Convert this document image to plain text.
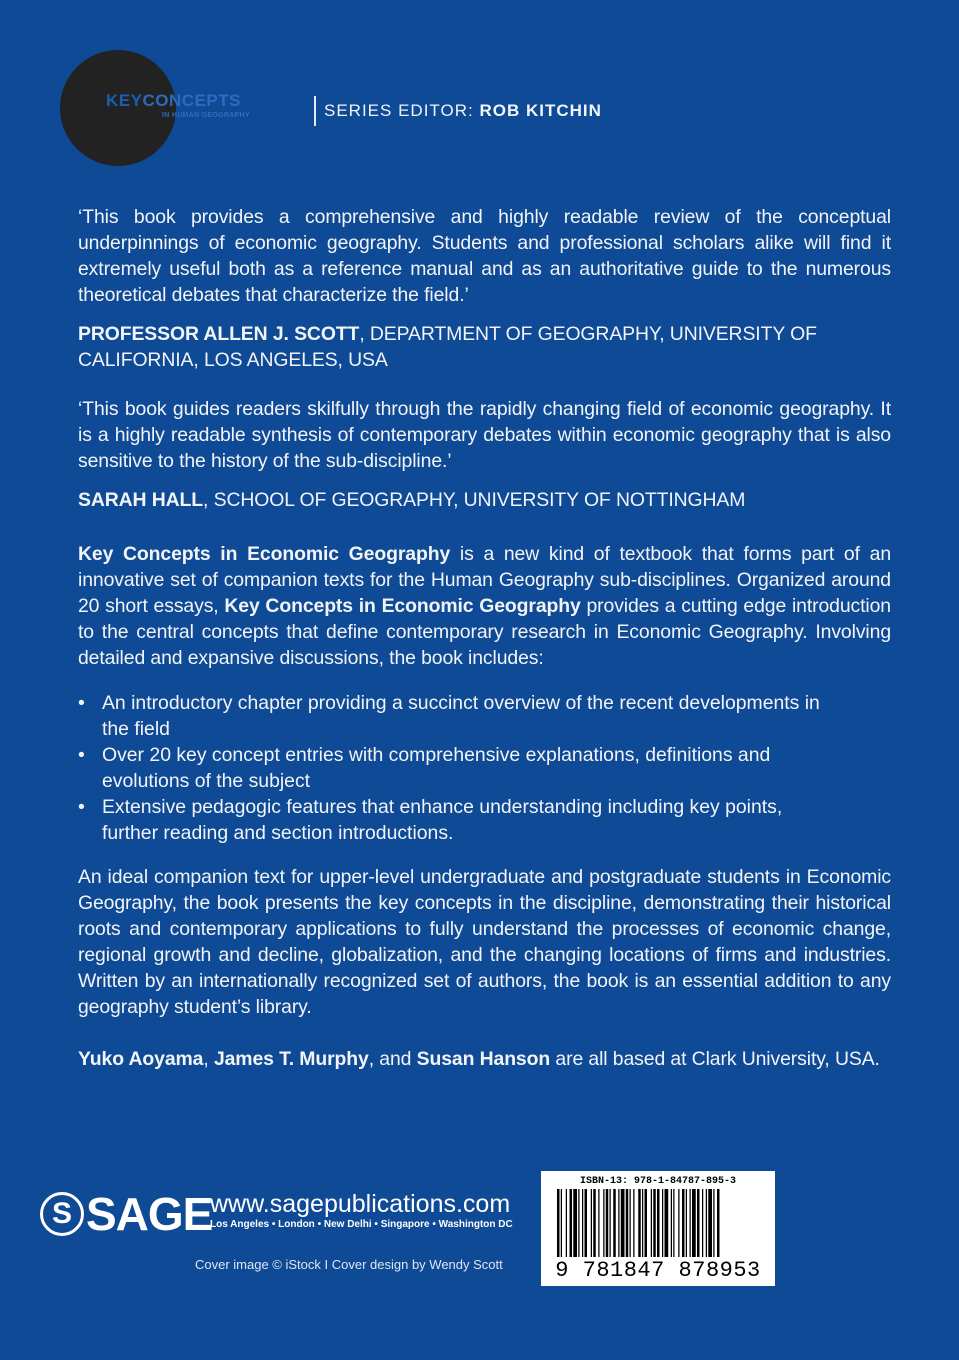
KEYCONCEPTS
IN HUMAN GEOGRAPHY	SERIES EDITOR: ROB KITCHIN
‘This book provides a comprehensive and highly readable review of the conceptual underpinnings of economic geography. Students and professional scholars alike will find it extremely useful both as a reference manual and as an authoritative guide to the numerous theoretical debates that characterize the field.’
PROFESSOR ALLEN J. SCOTT, DEPARTMENT OF GEOGRAPHY, UNIVERSITY OF CALIFORNIA, LOS ANGELES, USA
‘This book guides readers skilfully through the rapidly changing field of economic geography. It is a highly readable synthesis of contemporary debates within economic geography that is also sensitive to the history of the sub-discipline.’
SARAH HALL, SCHOOL OF GEOGRAPHY, UNIVERSITY OF NOTTINGHAM
Key Concepts in Economic Geography is a new kind of textbook that forms part of an innovative set of companion texts for the Human Geography sub-disciplines. Organized around 20 short essays, Key Concepts in Economic Geography provides a cutting edge introduction to the central concepts that define contemporary research in Economic Geography. Involving detailed and expansive discussions, the book includes:
• An introductory chapter providing a succinct overview of the recent developments in the field
• Over 20 key concept entries with comprehensive explanations, definitions and evolutions of the subject
• Extensive pedagogic features that enhance understanding including key points, further reading and section introductions.
An ideal companion text for upper-level undergraduate and postgraduate students in Economic Geography, the book presents the key concepts in the discipline, demonstrating their historical roots and contemporary applications to fully understand the processes of economic change, regional growth and decline, globalization, and the changing locations of firms and industries. Written by an internationally recognized set of authors, the book is an essential addition to any geography student’s library.
Yuko Aoyama, James T. Murphy, and Susan Hanson are all based at Clark University, USA.
S SAGE
www.sagepublications.com
Los Angeles • London • New Delhi • Singapore • Washington DC
Cover image © iStock I Cover design by Wendy Scott
ISBN-13: 978-1-84787-895-3
9 781847 878953
